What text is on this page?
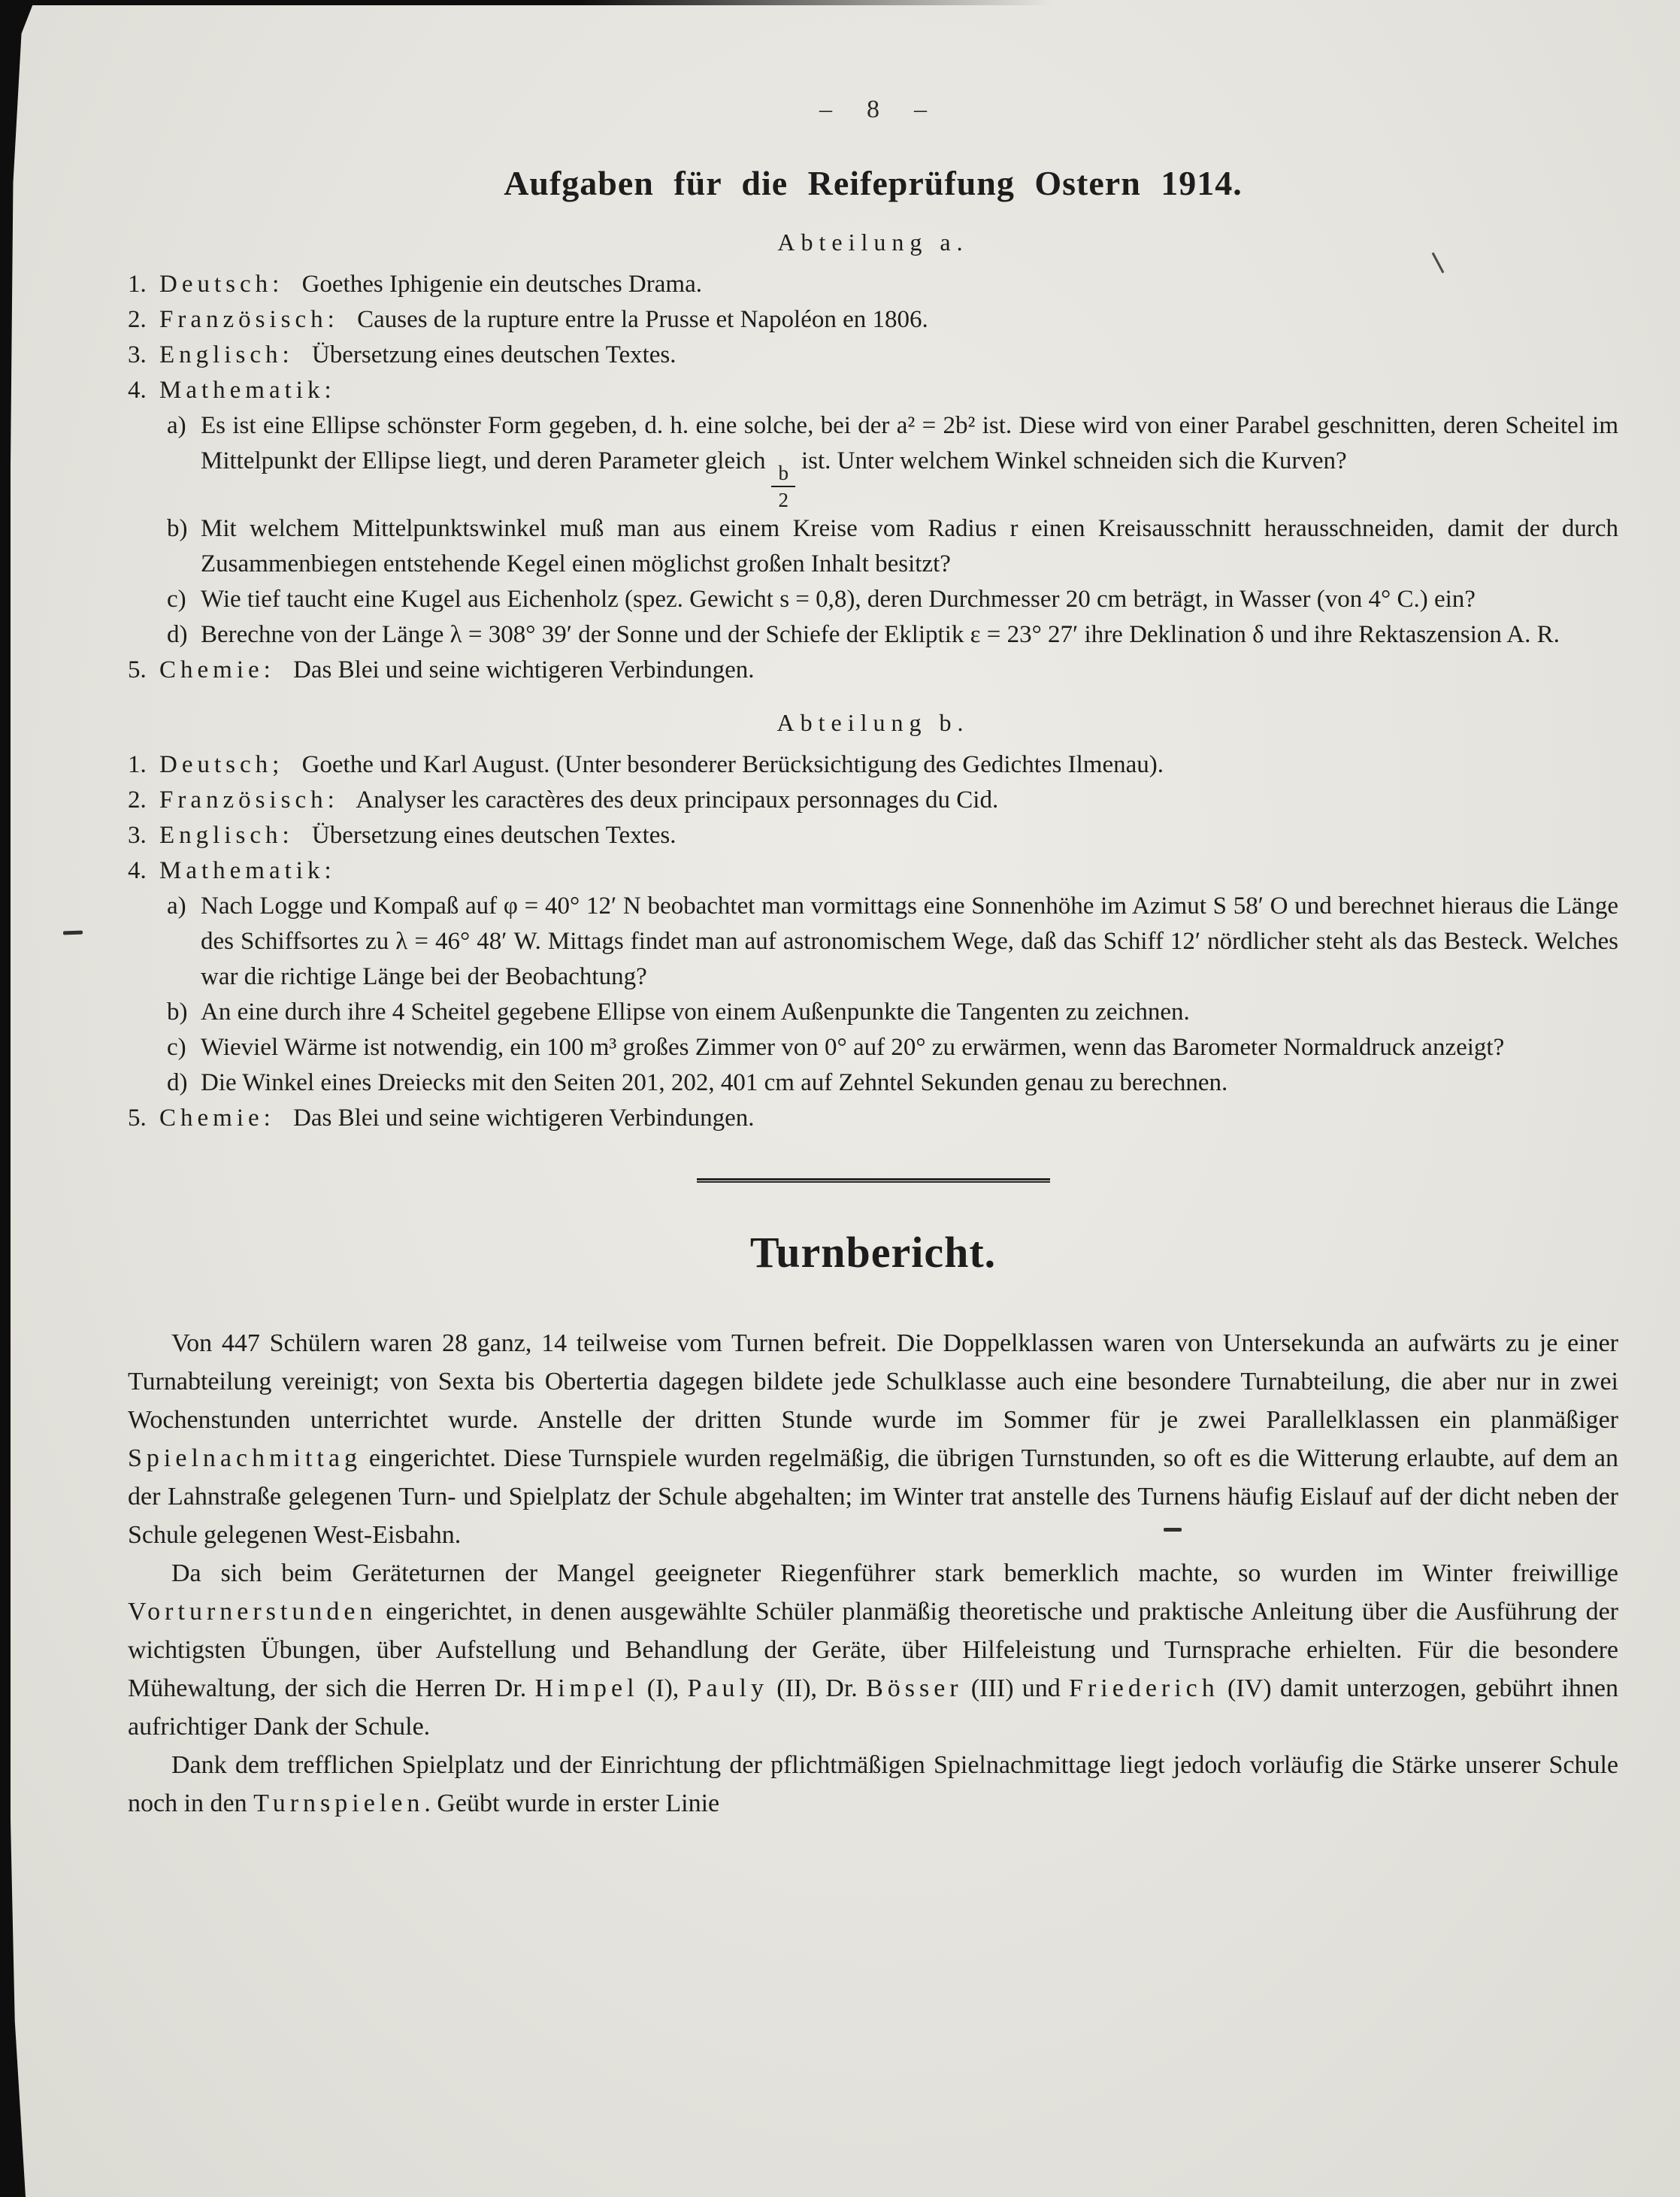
– 8 –
Aufgaben für die Reifeprüfung Ostern 1914.
Abteilung a.
1. Deutsch: Goethes Iphigenie ein deutsches Drama.
2. Französisch: Causes de la rupture entre la Prusse et Napoléon en 1806.
3. Englisch: Übersetzung eines deutschen Textes.
4. Mathematik:
a) Es ist eine Ellipse schönster Form gegeben, d. h. eine solche, bei der a² = 2b² ist. Diese wird von einer Parabel geschnitten, deren Scheitel im Mittelpunkt der Ellipse liegt, und deren Parameter gleich
$\frac{b}{2}$
ist. Unter welchem Winkel schneiden sich die Kurven?
b) Mit welchem Mittelpunktswinkel muß man aus einem Kreise vom Radius r einen Kreisausschnitt herausschneiden, damit der durch Zusammenbiegen entstehende Kegel einen möglichst großen Inhalt besitzt?
c) Wie tief taucht eine Kugel aus Eichenholz (spez. Gewicht s = 0,8), deren Durchmesser 20 cm beträgt, in Wasser (von 4° C.) ein?
d) Berechne von der Länge λ = 308° 39′ der Sonne und der Schiefe der Ekliptik ε = 23° 27′ ihre Deklination δ und ihre Rektaszension A. R.
5. Chemie: Das Blei und seine wichtigeren Verbindungen.
Abteilung b.
1. Deutsch; Goethe und Karl August. (Unter besonderer Berücksichtigung des Gedichtes Ilmenau).
2. Französisch: Analyser les caractères des deux principaux personnages du Cid.
3. Englisch: Übersetzung eines deutschen Textes.
4. Mathematik:
a) Nach Logge und Kompaß auf φ = 40° 12′ N beobachtet man vormittags eine Sonnenhöhe im Azimut S 58′ O und berechnet hieraus die Länge des Schiffsortes zu λ = 46° 48′ W. Mittags findet man auf astronomischem Wege, daß das Schiff 12′ nördlicher steht als das Besteck. Welches war die richtige Länge bei der Beobachtung?
b) An eine durch ihre 4 Scheitel gegebene Ellipse von einem Außenpunkte die Tangenten zu zeichnen.
c) Wieviel Wärme ist notwendig, ein 100 m³ großes Zimmer von 0° auf 20° zu erwärmen, wenn das Barometer Normaldruck anzeigt?
d) Die Winkel eines Dreiecks mit den Seiten 201, 202, 401 cm auf Zehntel Sekunden genau zu berechnen.
5. Chemie: Das Blei und seine wichtigeren Verbindungen.
Turnbericht.

Von 447 Schülern waren 28 ganz, 14 teilweise vom Turnen befreit. Die Doppelklassen waren von Untersekunda an aufwärts zu je einer Turnabteilung vereinigt; von Sexta bis Obertertia dagegen bildete jede Schulklasse auch eine besondere Turnabteilung, die aber nur in zwei Wochenstunden unterrichtet wurde. Anstelle der dritten Stunde wurde im Sommer für je zwei Parallelklassen ein planmäßiger Spielnachmittag eingerichtet. Diese Turnspiele wurden regelmäßig, die übrigen Turnstunden, so oft es die Witterung erlaubte, auf dem an der Lahnstraße gelegenen Turn- und Spielplatz der Schule abgehalten; im Winter trat anstelle des Turnens häufig Eislauf auf der dicht neben der Schule gelegenen West-Eisbahn.

Da sich beim Geräteturnen der Mangel geeigneter Riegenführer stark bemerklich machte, so wurden im Winter freiwillige Vorturnerstunden eingerichtet, in denen ausgewählte Schüler planmäßig theoretische und praktische Anleitung über die Ausführung der wichtigsten Übungen, über Aufstellung und Behandlung der Geräte, über Hilfeleistung und Turnsprache erhielten. Für die besondere Mühewaltung, der sich die Herren Dr. Himpel (I), Pauly (II), Dr. Bösser (III) und Friederich (IV) damit unterzogen, gebührt ihnen aufrichtiger Dank der Schule.

Dank dem trefflichen Spielplatz und der Einrichtung der pflichtmäßigen Spielnachmittage liegt jedoch vorläufig die Stärke unserer Schule noch in den Turnspielen. Geübt wurde in erster Linie
